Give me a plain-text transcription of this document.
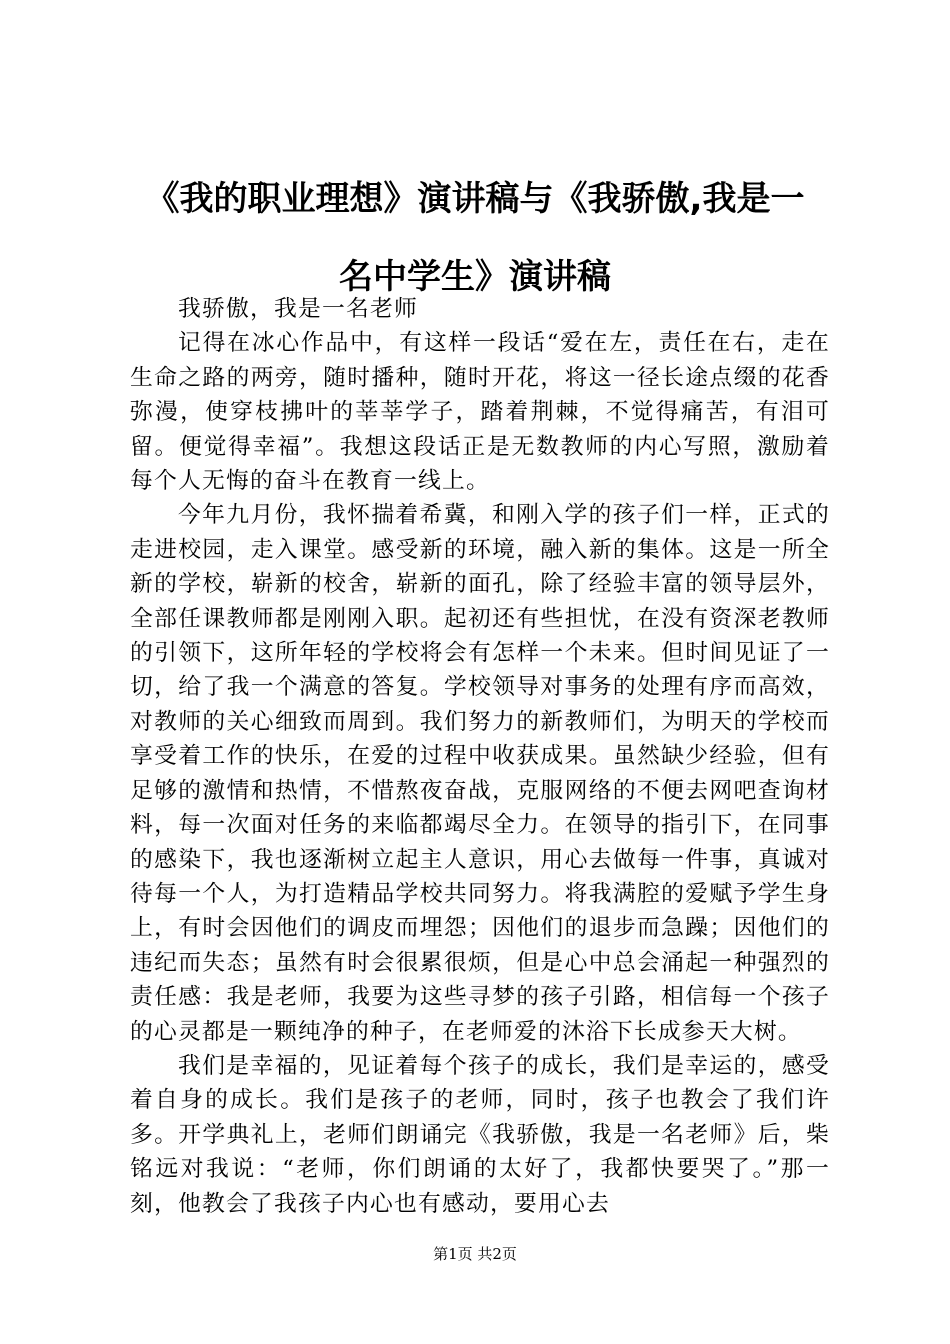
《我的职业理想》演讲稿与《我骄傲,我是一
名中学生》演讲稿

我骄傲，我是一名老师

记得在冰心作品中，有这样一段话“爱在左，责任在右，走在生命之路的两旁，随时播种，随时开花，将这一径长途点缀的花香弥漫，使穿枝拂叶的莘莘学子，踏着荆棘，不觉得痛苦，有泪可留。便觉得幸福”。我想这段话正是无数教师的内心写照，激励着每个人无悔的奋斗在教育一线上。

今年九月份，我怀揣着希冀，和刚入学的孩子们一样，正式的走进校园，走入课堂。感受新的环境，融入新的集体。这是一所全新的学校，崭新的校舍，崭新的面孔，除了经验丰富的领导层外，全部任课教师都是刚刚入职。起初还有些担忧，在没有资深老教师的引领下，这所年轻的学校将会有怎样一个未来。但时间见证了一切，给了我一个满意的答复。学校领导对事务的处理有序而高效，对教师的关心细致而周到。我们努力的新教师们，为明天的学校而享受着工作的快乐，在爱的过程中收获成果。虽然缺少经验，但有足够的激情和热情，不惜熬夜奋战，克服网络的不便去网吧查询材料，每一次面对任务的来临都竭尽全力。在领导的指引下，在同事的感染下，我也逐渐树立起主人意识，用心去做每一件事，真诚对待每一个人，为打造精品学校共同努力。将我满腔的爱赋予学生身上，有时会因他们的调皮而埋怨；因他们的退步而急躁；因他们的违纪而失态；虽然有时会很累很烦，但是心中总会涌起一种强烈的责任感：我是老师，我要为这些寻梦的孩子引路，相信每一个孩子的心灵都是一颗纯净的种子，在老师爱的沐浴下长成参天大树。

我们是幸福的，见证着每个孩子的成长，我们是幸运的，感受着自身的成长。我们是孩子的老师，同时，孩子也教会了我们许多。开学典礼上，老师们朗诵完《我骄傲，我是一名老师》后，柴铭远对我说：“老师，你们朗诵的太好了，我都快要哭了。”那一刻，他教会了我孩子内心也有感动，要用心去

第1页 共2页
